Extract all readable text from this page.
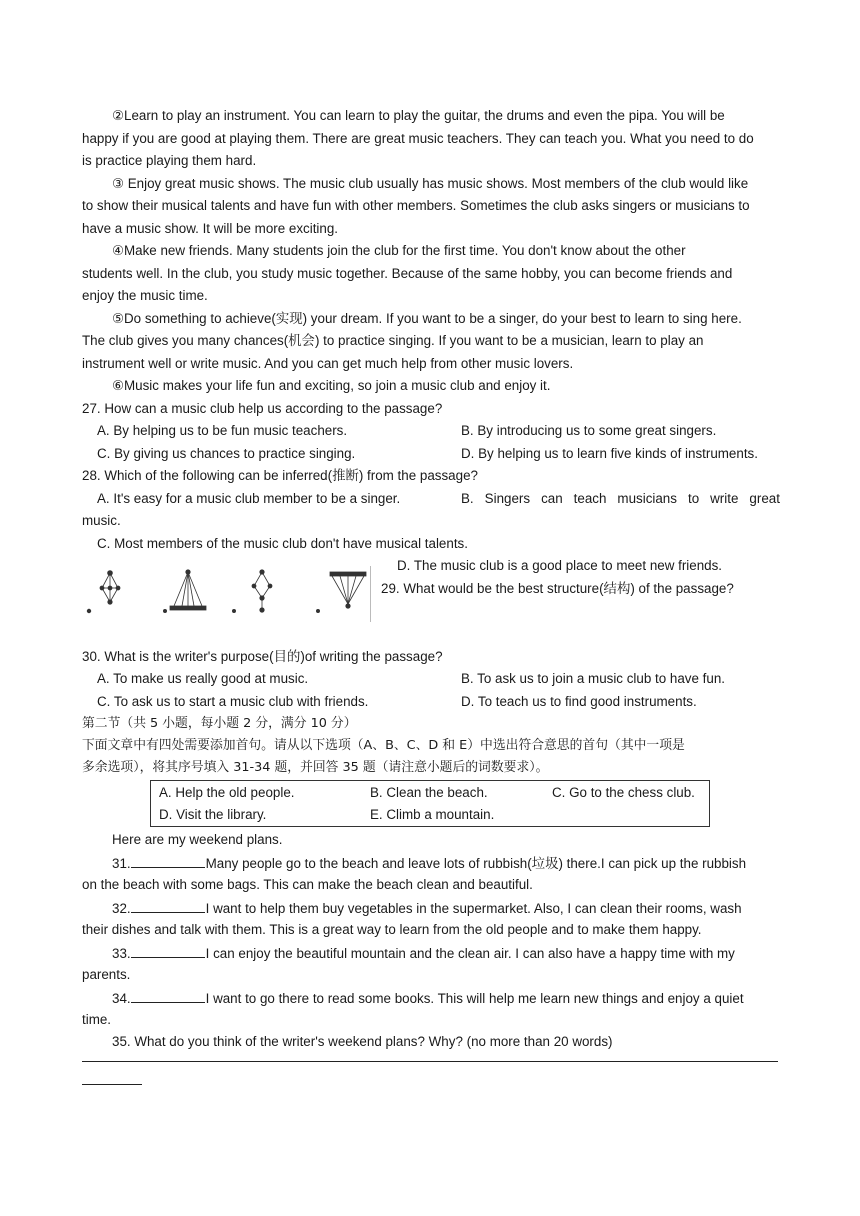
②Learn to play an instrument. You can learn to play the guitar, the drums and even the pipa. You will be
happy if you are good at playing them. There are great music teachers. They can teach you. What you need to do
is practice playing them hard.
③ Enjoy great music shows. The music club usually has music shows. Most members of the club would like
to show their musical talents and have fun with other members. Sometimes the club asks singers or musicians to
have a music show. It will be more exciting.
④Make new friends. Many students join the club for the first time. You don't know about the other
students well. In the club, you study music together. Because of the same hobby, you can become friends and
enjoy the music time.
⑤Do something to achieve(实现) your dream. If you want to be a singer, do your best to learn to sing here.
The club gives you many chances(机会) to practice singing. If you want to be a musician, learn to play an
instrument well or write music. And you can get much help from other music lovers.
⑥Music makes your life fun and exciting, so join a music club and enjoy it.
27. How can a music club help us according to the passage?
A. By helping us to be fun music teachers.	B. By introducing us to some great singers.
C. By giving us chances to practice singing.	D. By helping us to learn five kinds of instruments.
28. Which of the following can be inferred(推断) from the passage?
A. It's easy for a music club member to be a singer.	B. Singers can teach musicians to write great
music.
C. Most members of the music club don't have musical talents.
D. The music club is a good place to meet new friends.
29. What would be the best structure(结构) of the passage?
30. What is the writer's purpose(目的)of writing the passage?
A. To make us really good at music.	B. To ask us to join a music club to have fun.
C. To ask us to start a music club with friends.	D. To teach us to find good instruments.
第二节（共 5 小题，每小题 2 分，满分 10 分）
下面文章中有四处需要添加首句。请从以下选项（A、B、C、D 和 E）中选出符合意思的首句（其中一项是
多余选项），将其序号填入 31-34 题，并回答 35 题（请注意小题后的词数要求）。
A. Help the old people.	B. Clean the beach.	C. Go to the chess club.
D. Visit the library.	E. Climb a mountain.
Here are my weekend plans.
31.	Many people go to the beach and leave lots of rubbish(垃圾) there.I can pick up the rubbish
on the beach with some bags. This can make the beach clean and beautiful.
32.	I want to help them buy vegetables in the supermarket. Also, I can clean their rooms, wash
their dishes and talk with them. This is a great way to learn from the old people and to make them happy.
33.	I can enjoy the beautiful mountain and the clean air. I can also have a happy time with my
parents.
34.	I want to go there to read some books. This will help me learn new things and enjoy a quiet
time.
35. What do you think of the writer's weekend plans? Why? (no more than 20 words)
